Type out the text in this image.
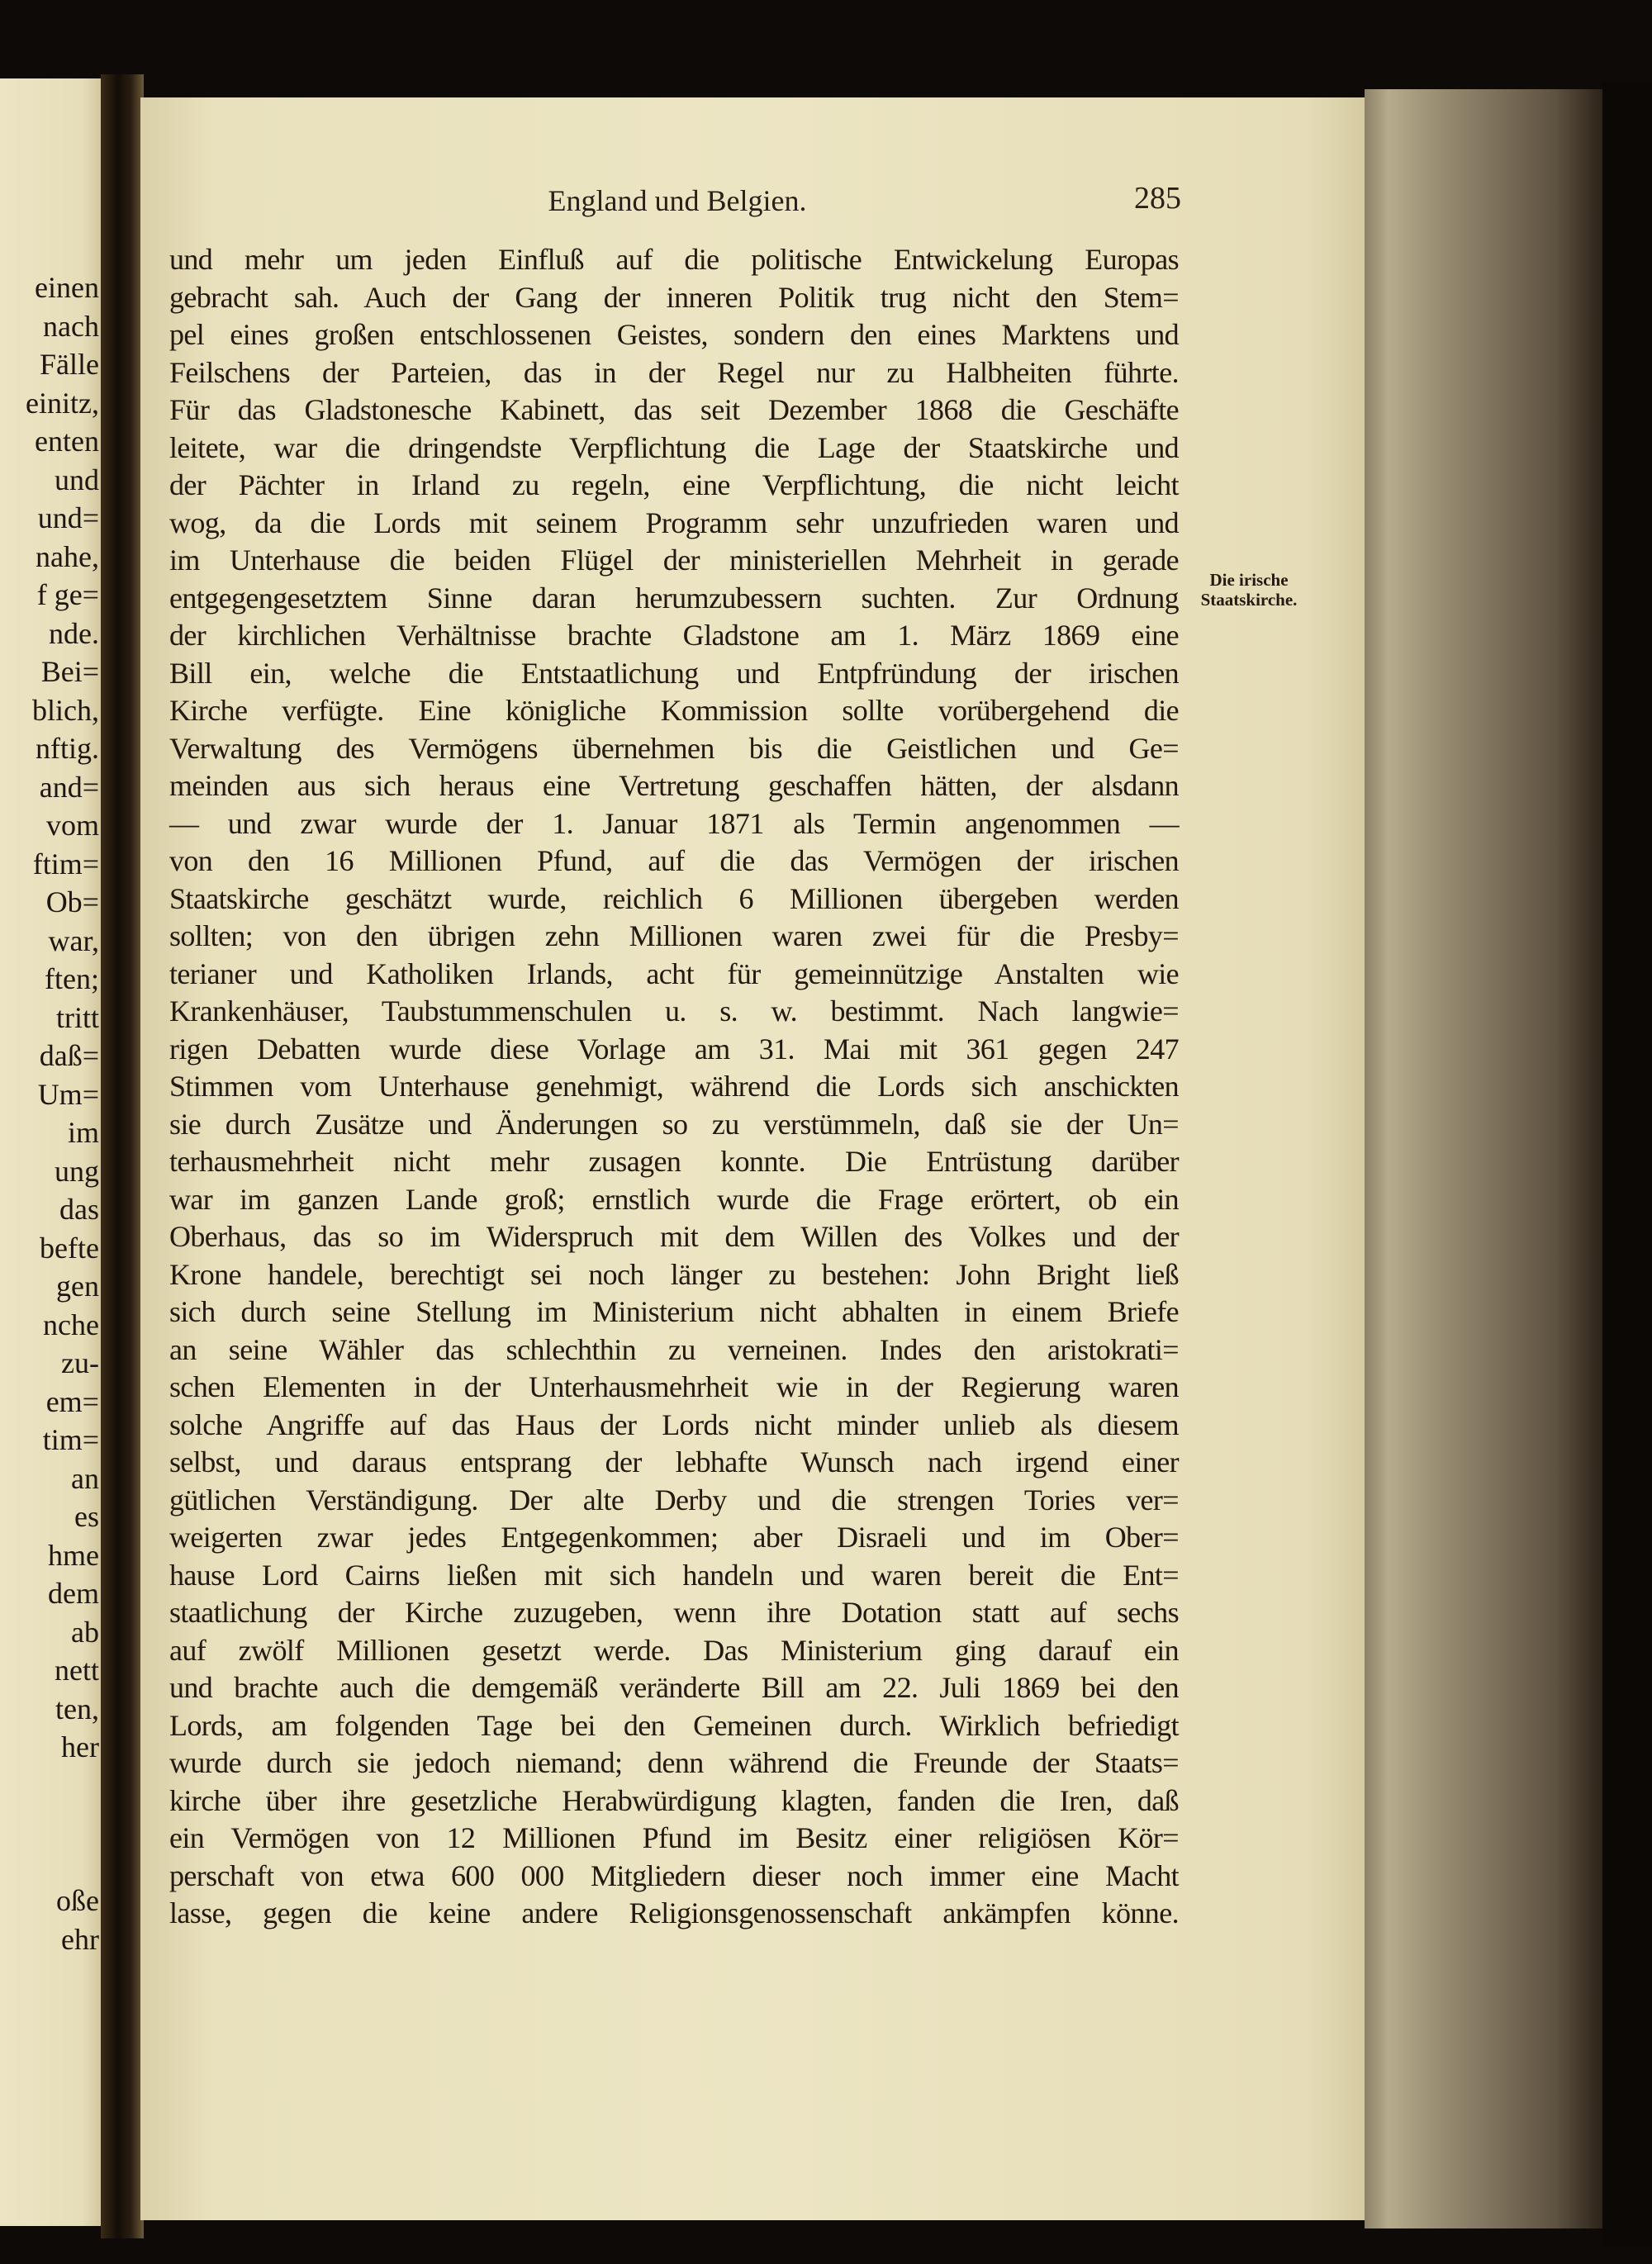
einen
nach
Fälle
einitz,
enten
und
und=
nahe,
f ge=
nde.
Bei=
blich,
nftig.
and=
vom
ftim=
Ob=
war,
ften;
tritt
daß=
Um=
im
ung
das
befte
gen
nche
zu-
em=
tim=
an
es
hme
dem
ab
nett
ten,
her
oße
ehr
England und Belgien.	285
und mehr um jeden Einfluß auf die politische Entwickelung Europas
gebracht sah. Auch der Gang der inneren Politik trug nicht den Stem=
pel eines großen entschlossenen Geistes, sondern den eines Marktens und
Feilschens der Parteien, das in der Regel nur zu Halbheiten führte.
Für das Gladstonesche Kabinett, das seit Dezember 1868 die Geschäfte
leitete, war die dringendste Verpflichtung die Lage der Staatskirche und
der Pächter in Irland zu regeln, eine Verpflichtung, die nicht leicht
wog, da die Lords mit seinem Programm sehr unzufrieden waren und
im Unterhause die beiden Flügel der ministeriellen Mehrheit in gerade
entgegengesetztem Sinne daran herumzubessern suchten. Zur Ordnung
der kirchlichen Verhältnisse brachte Gladstone am 1. März 1869 eine
Bill ein, welche die Entstaatlichung und Entpfründung der irischen
Kirche verfügte. Eine königliche Kommission sollte vorübergehend die
Verwaltung des Vermögens übernehmen bis die Geistlichen und Ge=
meinden aus sich heraus eine Vertretung geschaffen hätten, der alsdann
— und zwar wurde der 1. Januar 1871 als Termin angenommen —
von den 16 Millionen Pfund, auf die das Vermögen der irischen
Staatskirche geschätzt wurde, reichlich 6 Millionen übergeben werden
sollten; von den übrigen zehn Millionen waren zwei für die Presby=
terianer und Katholiken Irlands, acht für gemeinnützige Anstalten wie
Krankenhäuser, Taubstummenschulen u. s. w. bestimmt. Nach langwie=
rigen Debatten wurde diese Vorlage am 31. Mai mit 361 gegen 247
Stimmen vom Unterhause genehmigt, während die Lords sich anschickten
sie durch Zusätze und Änderungen so zu verstümmeln, daß sie der Un=
terhausmehrheit nicht mehr zusagen konnte. Die Entrüstung darüber
war im ganzen Lande groß; ernstlich wurde die Frage erörtert, ob ein
Oberhaus, das so im Widerspruch mit dem Willen des Volkes und der
Krone handele, berechtigt sei noch länger zu bestehen: John Bright ließ
sich durch seine Stellung im Ministerium nicht abhalten in einem Briefe
an seine Wähler das schlechthin zu verneinen. Indes den aristokrati=
schen Elementen in der Unterhausmehrheit wie in der Regierung waren
solche Angriffe auf das Haus der Lords nicht minder unlieb als diesem
selbst, und daraus entsprang der lebhafte Wunsch nach irgend einer
gütlichen Verständigung. Der alte Derby und die strengen Tories ver=
weigerten zwar jedes Entgegenkommen; aber Disraeli und im Ober=
hause Lord Cairns ließen mit sich handeln und waren bereit die Ent=
staatlichung der Kirche zuzugeben, wenn ihre Dotation statt auf sechs
auf zwölf Millionen gesetzt werde. Das Ministerium ging darauf ein
und brachte auch die demgemäß veränderte Bill am 22. Juli 1869 bei den
Lords, am folgenden Tage bei den Gemeinen durch. Wirklich befriedigt
wurde durch sie jedoch niemand; denn während die Freunde der Staats=
kirche über ihre gesetzliche Herabwürdigung klagten, fanden die Iren, daß
ein Vermögen von 12 Millionen Pfund im Besitz einer religiösen Kör=
perschaft von etwa 600 000 Mitgliedern dieser noch immer eine Macht
lasse, gegen die keine andere Religionsgenossenschaft ankämpfen könne.
Die irische
Staatskirche.
